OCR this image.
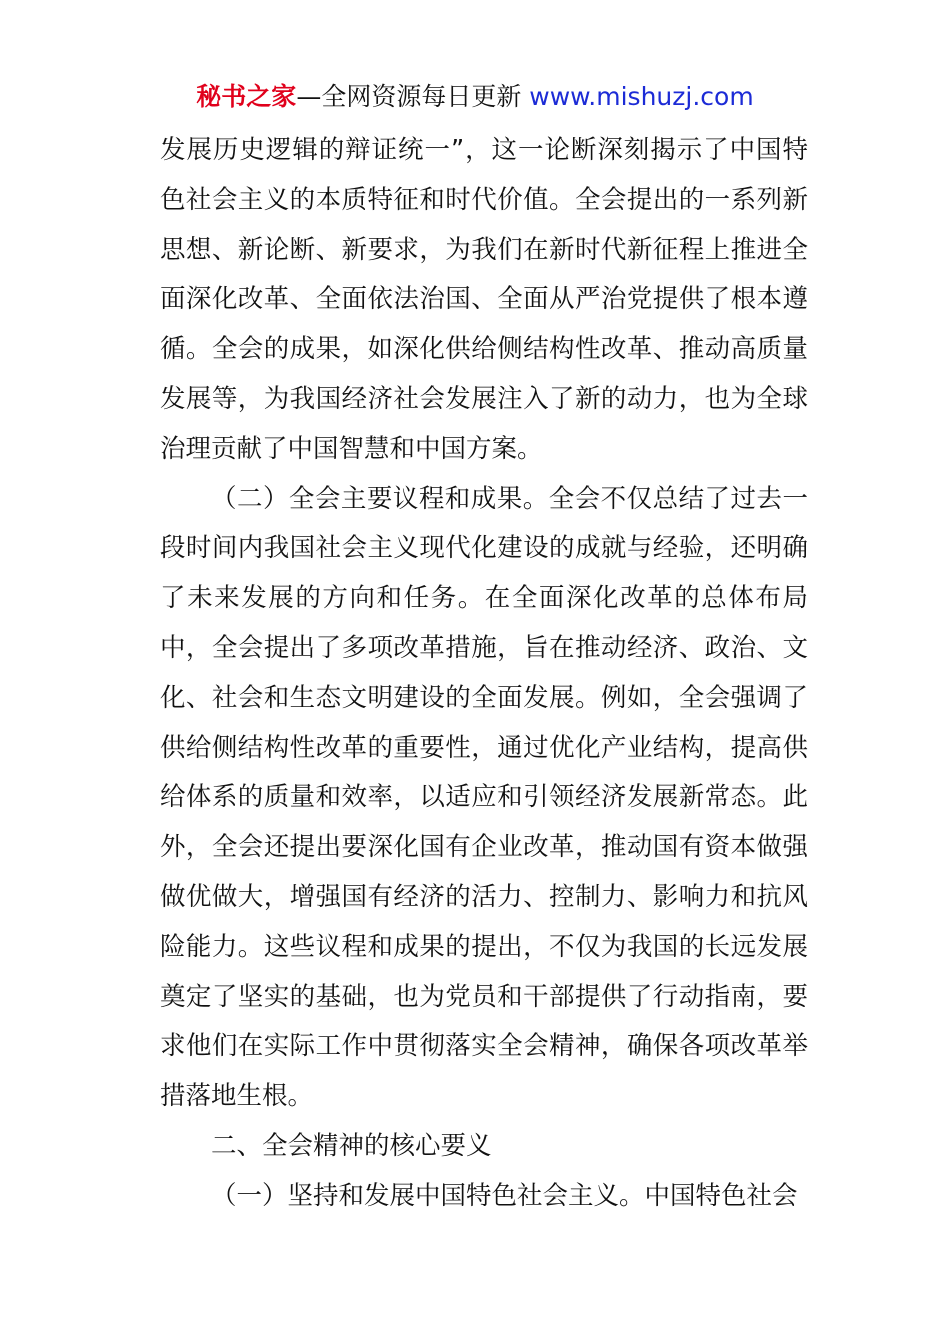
秘书之家—全网资源每日更新 www.mishuzj.com

发展历史逻辑的辩证统一”，这一论断深刻揭示了中国特色社会主义的本质特征和时代价值。全会提出的一系列新思想、新论断、新要求，为我们在新时代新征程上推进全面深化改革、全面依法治国、全面从严治党提供了根本遵循。全会的成果，如深化供给侧结构性改革、推动高质量发展等，为我国经济社会发展注入了新的动力，也为全球治理贡献了中国智慧和中国方案。

（二）全会主要议程和成果。全会不仅总结了过去一段时间内我国社会主义现代化建设的成就与经验，还明确了未来发展的方向和任务。在全面深化改革的总体布局中，全会提出了多项改革措施，旨在推动经济、政治、文化、社会和生态文明建设的全面发展。例如，全会强调了供给侧结构性改革的重要性，通过优化产业结构，提高供给体系的质量和效率，以适应和引领经济发展新常态。此外，全会还提出要深化国有企业改革，推动国有资本做强做优做大，增强国有经济的活力、控制力、影响力和抗风险能力。这些议程和成果的提出，不仅为我国的长远发展奠定了坚实的基础，也为党员和干部提供了行动指南，要求他们在实际工作中贯彻落实全会精神，确保各项改革举措落地生根。

二、全会精神的核心要义

（一）坚持和发展中国特色社会主义。中国特色社会
